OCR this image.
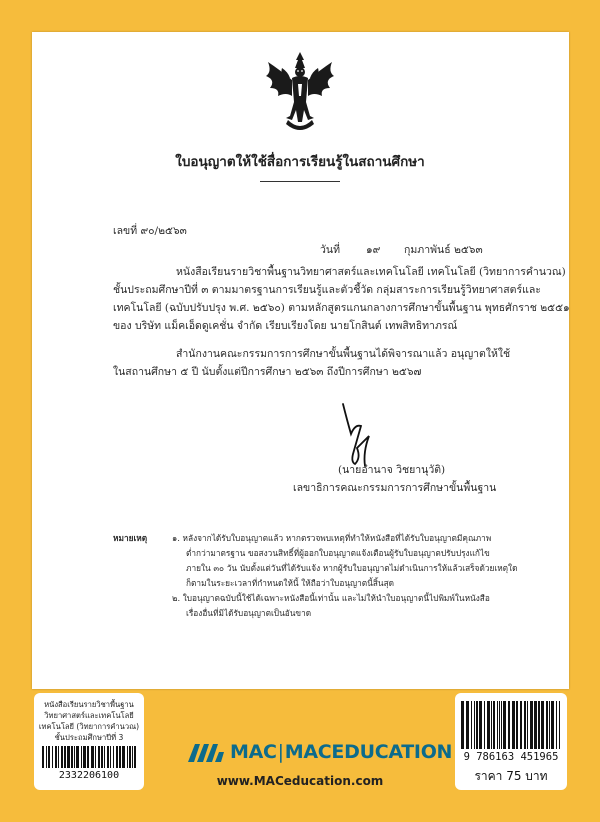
ใบอนุญาตให้ใช้สื่อการเรียนรู้ในสถานศึกษา
เลขที่ ๙๐/๒๕๖๓
วันที่ ๑๙ กุมภาพันธ์ ๒๕๖๓
หนังสือเรียนรายวิชาพื้นฐานวิทยาศาสตร์และเทคโนโลยี เทคโนโลยี (วิทยาการคำนวณ)
ชั้นประถมศึกษาปีที่ ๓ ตามมาตรฐานการเรียนรู้และตัวชี้วัด กลุ่มสาระการเรียนรู้วิทยาศาสตร์และ
เทคโนโลยี (ฉบับปรับปรุง พ.ศ. ๒๕๖๐) ตามหลักสูตรแกนกลางการศึกษาขั้นพื้นฐาน พุทธศักราช ๒๕๕๑
ของ บริษัท แม็คเอ็ดดูเคชั่น จำกัด เรียบเรียงโดย นายโกสินต์ เทพสิทธิทาภรณ์
สำนักงานคณะกรรมการการศึกษาขั้นพื้นฐานได้พิจารณาแล้ว อนุญาตให้ใช้
ในสถานศึกษา ๕ ปี นับตั้งแต่ปีการศึกษา ๒๕๖๓ ถึงปีการศึกษา ๒๕๖๗
(นายอำนาจ วิชยานุวัติ)
เลขาธิการคณะกรรมการการศึกษาขั้นพื้นฐาน
หมายเหตุ	๑. หลังจากได้รับใบอนุญาตแล้ว หากตรวจพบเหตุที่ทำให้หนังสือที่ได้รับใบอนุญาตมีคุณภาพ
ต่ำกว่ามาตรฐาน ขอสงวนสิทธิ์ที่ผู้ออกใบอนุญาตแจ้งเตือนผู้รับใบอนุญาตปรับปรุงแก้ไข
ภายใน ๓๐ วัน นับตั้งแต่วันที่ได้รับแจ้ง หากผู้รับใบอนุญาตไม่ดำเนินการให้แล้วเสร็จด้วยเหตุใด
ก็ตามในระยะเวลาที่กำหนดให้นี้ ให้ถือว่าใบอนุญาตนี้สิ้นสุด
๒. ใบอนุญาตฉบับนี้ใช้ได้เฉพาะหนังสือนี้เท่านั้น และไม่ให้นำใบอนุญาตนี้ไปพิมพ์ในหนังสือ
เรื่องอื่นที่มิได้รับอนุญาตเป็นอันขาด
หนังสือเรียนรายวิชาพื้นฐาน
วิทยาศาสตร์และเทคโนโลยี
เทคโนโลยี (วิทยาการคำนวณ)
ชั้นประถมศึกษาปีที่ 3
2332206100
9 786163 451965
ราคา 75 บาท
MAC|MACEDUCATION
www.MACeducation.com
